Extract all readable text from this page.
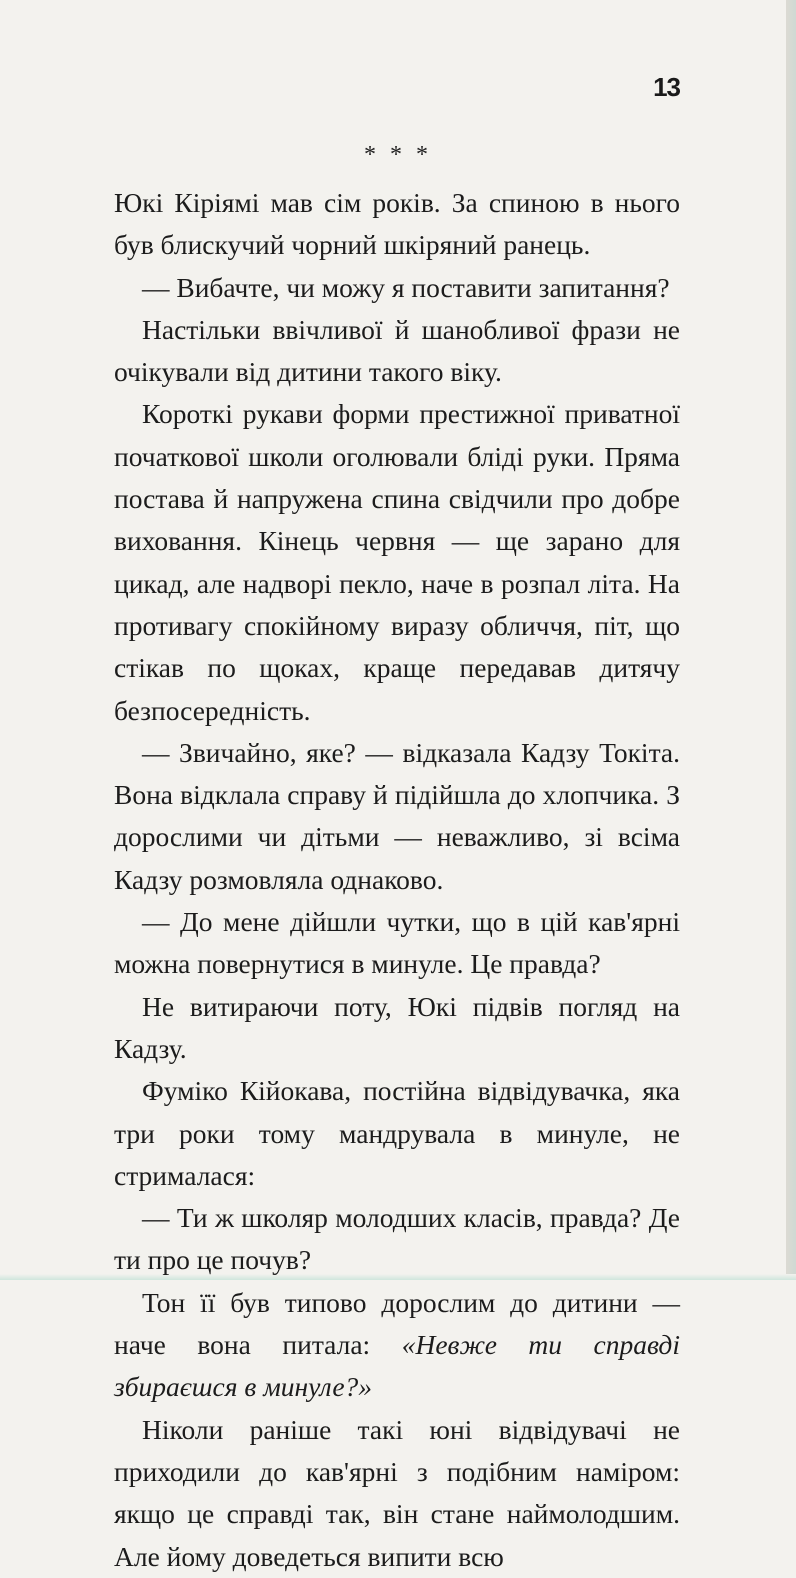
13
* * *

Юкі Кіріямі мав сім років. За спиною в нього був блискучий чорний шкіряний ранець.

— Вибачте, чи можу я поставити запитання?

Настільки ввічливої й шанобливої фрази не очікували від дитини такого віку.

Короткі рукави форми престижної приватної початкової школи оголювали бліді руки. Пряма постава й напружена спина свідчили про добре виховання. Кінець червня — ще зарано для цикад, але надворі пекло, наче в розпал літа. На противагу спокійному виразу обличчя, піт, що стікав по щоках, краще передавав дитячу безпосередність.

— Звичайно, яке? — відказала Кадзу Токіта. Вона відклала справу й підійшла до хлопчика. З дорослими чи дітьми — неважливо, зі всіма Кадзу розмовляла однаково.

— До мене дійшли чутки, що в цій кав'ярні можна повернутися в минуле. Це правда?

Не витираючи поту, Юкі підвів погляд на Кадзу.

Фуміко Кійокава, постійна відвідувачка, яка три роки тому мандрувала в минуле, не стрималася:

— Ти ж школяр молодших класів, правда? Де ти про це почув?

Тон її був типово дорослим до дитини — наче вона питала: «Невже ти справді збираєшся в минуле?»

Ніколи раніше такі юні відвідувачі не приходили до кав'ярні з подібним наміром: якщо це справді так, він стане наймолодшим. Але йому доведеться випити всю
